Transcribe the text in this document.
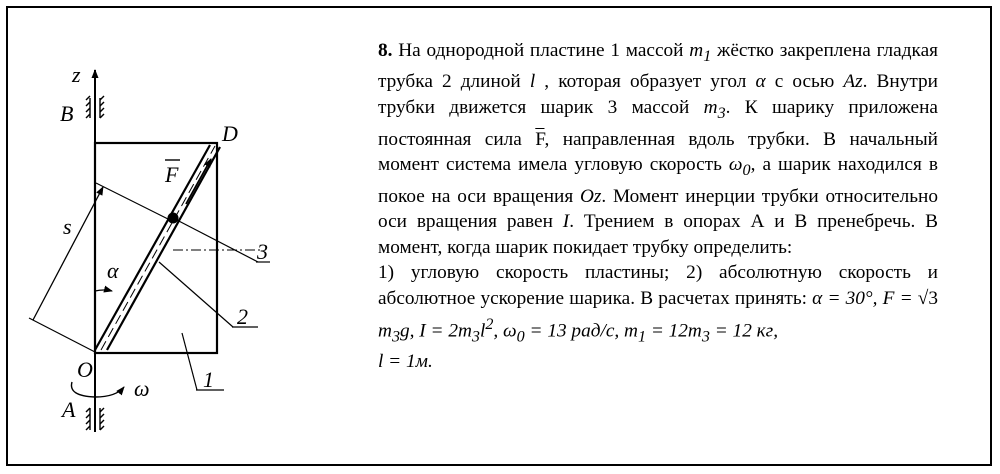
z
B
A
D
O
F
3
2
1
s
α
ω

8. На однородной пластине 1 массой $m_1$ жёстко закреплена гладкая трубка 2 длиной l , которая образует угол α с осью Az. Внутри трубки движется шарик 3 массой $m_3$. К шарику приложена постоянная сила $\overline{F}$, направленная вдоль трубки. В начальный момент система имела угловую скорость $\omega_0$, а шарик находился в покое на оси вращения Oz. Момент инерции трубки относительно оси вращения равен I. Трением в опорах А и В пренебречь. В момент, когда шарик покидает трубку определить:

1) угловую скорость пластины; 2) абсолютную скорость и абсолютное ускорение шарика. В расчетах принять: α = 30°, F = √3 $m_3g$, $I = 2m_3l^2$, $\omega_0 = 13$ рад/с, $m_1 = 12m_3 = 12$ кг,
l = 1м.
